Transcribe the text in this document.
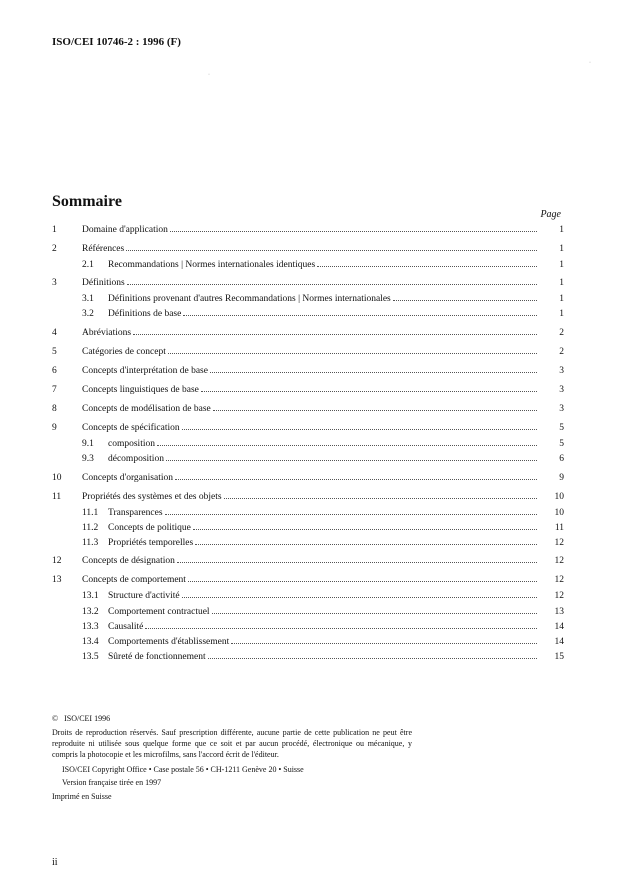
ISO/CEI 10746-2 : 1996 (F)
Sommaire
Page
1	Domaine d'application	1
2	Références	1
2.1	Recommandations | Normes internationales identiques	1
3	Définitions	1
3.1	Définitions provenant d'autres Recommandations | Normes internationales	1
3.2	Définitions de base	1
4	Abréviations	2
5	Catégories de concept	2
6	Concepts d'interprétation de base	3
7	Concepts linguistiques de base	3
8	Concepts de modélisation de base	3
9	Concepts de spécification	5
9.1	composition	5
9.3	décomposition	6
10	Concepts d'organisation	9
11	Propriétés des systèmes et des objets	10
11.1	Transparences	10
11.2	Concepts de politique	11
11.3	Propriétés temporelles	12
12	Concepts de désignation	12
13	Concepts de comportement	12
13.1 Structure d'activité	12
13.2 Comportement contractuel	13
13.3 Causalité	14
13.4 Comportements d'établissement	14
13.5 Sûreté de fonctionnement	15

© ISO/CEI 1996

Droits de reproduction réservés. Sauf prescription différente, aucune partie de cette publication ne peut être reproduite ni utilisée sous quelque forme que ce soit et par aucun procédé, électronique ou mécanique, y compris la photocopie et les microfilms, sans l'accord écrit de l'éditeur.

ISO/CEI Copyright Office • Case postale 56 • CH-1211 Genève 20 • Suisse

Version française tirée en 1997

Imprimé en Suisse

ii
·
·
